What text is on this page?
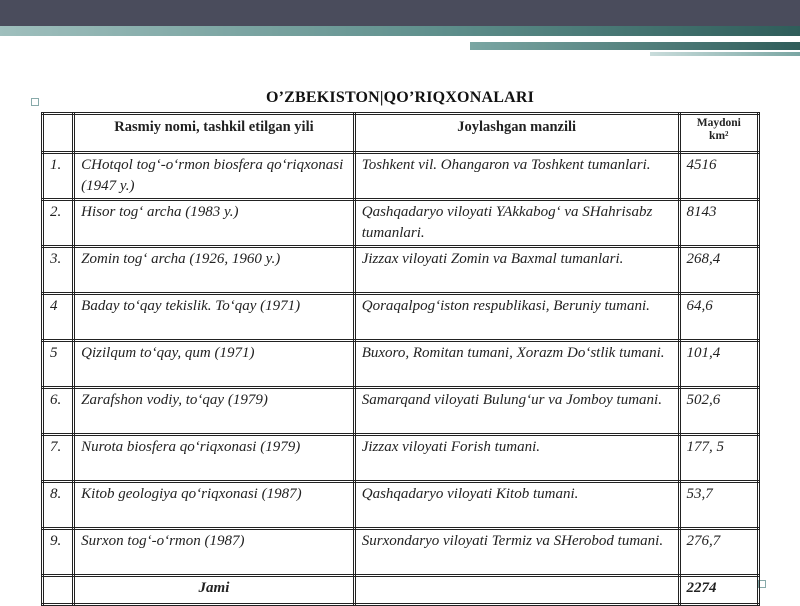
O’ZBEKISTON|QO’RIQXONALARI
	Rasmiy nomi, tashkil etilgan yili	Joylashgan manzili	Maydoni
km²

1.	CHotqol tog‘-o‘rmon biosfera qo‘riqxonasi (1947 y.)	Toshkent vil. Ohangaron va Toshkent tumanlari.	4516
2.	Hisor tog‘ archa (1983 y.)	Qashqadaryo viloyati YAkkabog‘ va SHahrisabz tumanlari.	8143
3.	Zomin tog‘ archa (1926, 1960 y.)	Jizzax viloyati Zomin va Baxmal tumanlari.	268,4
4	Baday to‘qay tekislik. To‘qay (1971)	Qoraqalpog‘iston respublikasi, Beruniy tumani.	64,6
5	Qizilqum to‘qay, qum (1971)	Buxoro, Romitan tumani, Xorazm Do‘stlik tumani.	101,4
6.	Zarafshon vodiy, to‘qay (1979)	Samarqand viloyati Bulung‘ur va Jomboy tumani.	502,6
7.	Nurota biosfera qo‘riqxonasi (1979)	Jizzax viloyati Forish tumani.	177, 5
8.	Kitob geologiya qo‘riqxonasi (1987)	Qashqadaryo viloyati Kitob tumani.	53,7
9.	Surxon tog‘-o‘rmon (1987)	Surxondaryo viloyati Termiz va SHerobod tumani.	276,7
	Jami		2274
